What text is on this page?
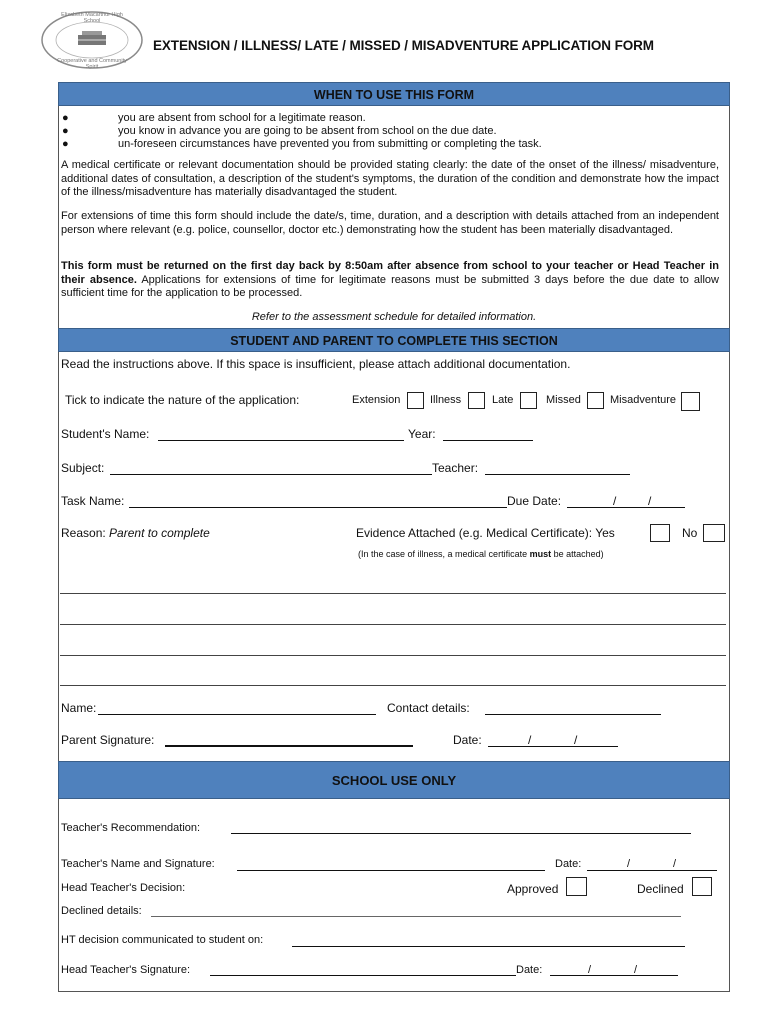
Elizabeth Macarthur High School
Cooperative and Community Spirit
EXTENSION / ILLNESS/ LATE / MISSED / MISADVENTURE APPLICATION FORM
WHEN TO USE THIS FORM
●	you are absent from school for a legitimate reason.
●	you know in advance you are going to be absent from school on the due date.
●	un-foreseen circumstances have prevented you from submitting or completing the task.
A medical certificate or relevant documentation should be provided stating clearly: the date of the onset of the illness/ misadventure, additional dates of consultation, a description of the student's symptoms, the duration of the condition and demonstrate how the impact of the illness/misadventure has materially disadvantaged the student.
For extensions of time this form should include the date/s, time, duration, and a description with details attached from an independent person where relevant (e.g. police, counsellor, doctor etc.) demonstrating how the student has been materially disadvantaged.
This form must be returned on the first day back by 8:50am after absence from school to your teacher or Head Teacher in their absence. Applications for extensions of time for legitimate reasons must be submitted 3 days before the due date to allow sufficient time for the application to be processed.
Refer to the assessment schedule for detailed information.
STUDENT AND PARENT TO COMPLETE THIS SECTION
Read the instructions above. If this space is insufficient, please attach additional documentation.
Tick to indicate the nature of the application:	Extension	Illness	Late	Missed	Misadventure
Student's Name:	Year:
Subject:	Teacher:
Task Name:	Due Date:	/	/
Reason: Parent to complete	Evidence Attached (e.g. Medical Certificate): Yes	No
(In the case of illness, a medical certificate must be attached)
Name:	Contact details:
Parent Signature:	Date:	/	/
SCHOOL USE ONLY
Teacher's Recommendation:
Teacher's Name and Signature:	Date:	/	/
Head Teacher's Decision:	Approved	Declined
Declined details:
HT decision communicated to student on:
Head Teacher's Signature:	Date:	/	/
